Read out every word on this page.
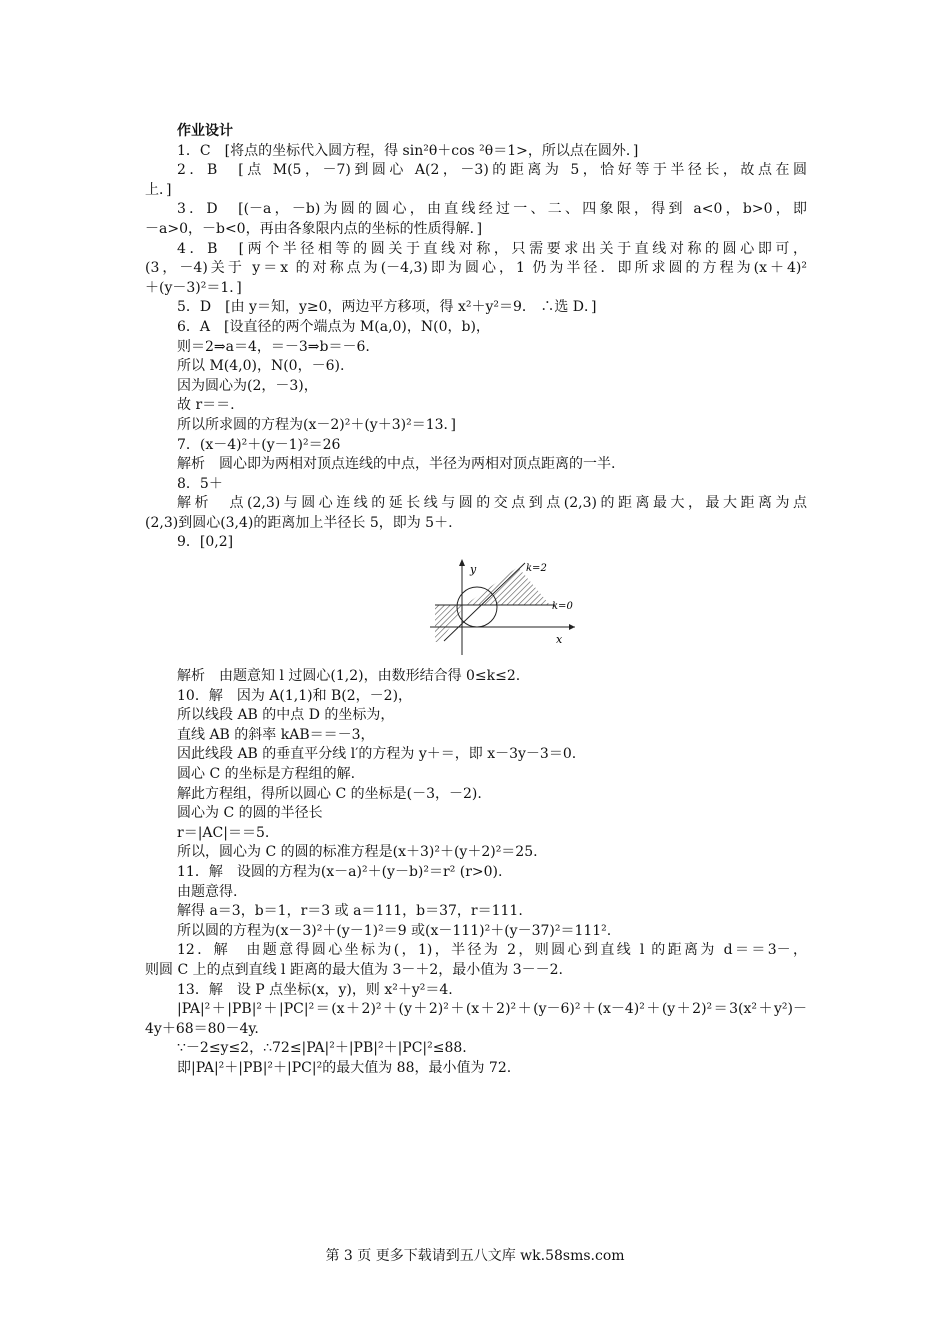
作业设计
1．C　[将点的坐标代入圆方程，得 sin²θ＋cos ²θ＝1>，所以点在圆外．]
2．B　[点 M(5，－7)到圆心 A(2，－3)的距离为 5，恰好等于半径长，故点在圆
上．]
3．D　[(－a，－b)为圆的圆心，由直线经过一、二、四象限，得到 a<0，b>0，即
－a>0，－b<0，再由各象限内点的坐标的性质得解．]
4．B　[两个半径相等的圆关于直线对称，只需要求出关于直线对称的圆心即可，
(3，－4)关于 y＝x 的对称点为(－4,3)即为圆心，1 仍为半径．即所求圆的方程为(x＋4)²
＋(y－3)²＝1．]
5．D　[由 y＝知，y≥0，两边平方移项，得 x²＋y²＝9． ∴选 D．]
6．A　[设直径的两个端点为 M(a,0)，N(0，b)，
则＝2⇒a＝4，＝－3⇒b＝－6.
所以 M(4,0)，N(0，－6).
因为圆心为(2，－3)，
故 r＝＝.
所以所求圆的方程为(x－2)²＋(y＋3)²＝13．]
7．(x－4)²＋(y－1)²＝26
解析　圆心即为两相对顶点连线的中点，半径为两相对顶点距离的一半.
8．5＋
解析　点(2,3)与圆心连线的延长线与圆的交点到点(2,3)的距离最大，最大距离为点
(2,3)到圆心(3,4)的距离加上半径长 5，即为 5＋.
9．[0,2]
y
x
k=2
k=0
解析　由题意知 l 过圆心(1,2)，由数形结合得 0≤k≤2.
10．解　因为 A(1,1)和 B(2，－2)，
所以线段 AB 的中点 D 的坐标为，
直线 AB 的斜率 kAB＝＝－3，
因此线段 AB 的垂直平分线 l′的方程为 y＋＝，即 x－3y－3＝0.
圆心 C 的坐标是方程组的解.
解此方程组，得所以圆心 C 的坐标是(－3，－2).
圆心为 C 的圆的半径长
r＝|AC|＝＝5.
所以，圆心为 C 的圆的标准方程是(x＋3)²＋(y＋2)²＝25.
11．解　设圆的方程为(x－a)²＋(y－b)²＝r² (r>0).
由题意得.
解得 a＝3，b＝1，r＝3 或 a＝111，b＝37，r＝111.
所以圆的方程为(x－3)²＋(y－1)²＝9 或(x－111)²＋(y－37)²＝111².
12．解　由题意得圆心坐标为(，1)，半径为 2，则圆心到直线 l 的距离为 d＝＝3－，
则圆 C 上的点到直线 l 距离的最大值为 3－＋2，最小值为 3－－2.
13．解　设 P 点坐标(x，y)，则 x²＋y²＝4.
|PA|²＋|PB|²＋|PC|²＝(x＋2)²＋(y＋2)²＋(x＋2)²＋(y－6)²＋(x－4)²＋(y＋2)²＝3(x²＋y²)－
4y＋68＝80－4y.
∵－2≤y≤2，∴72≤|PA|²＋|PB|²＋|PC|²≤88.
即|PA|²＋|PB|²＋|PC|²的最大值为 88，最小值为 72.
第 3 页 更多下载请到五八文库 wk.58sms.com
